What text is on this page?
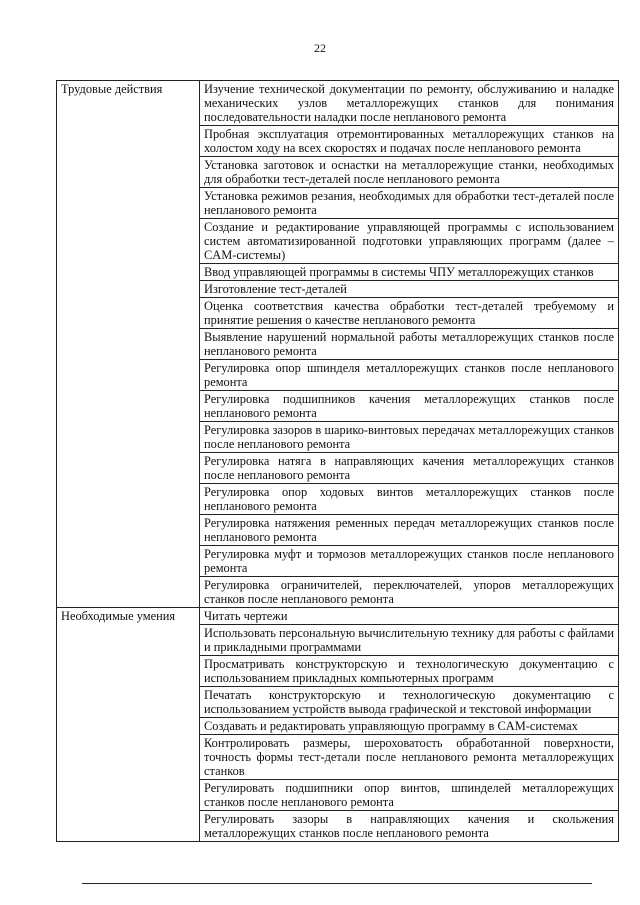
22
Трудовые действия	Изучение технической документации по ремонту, обслуживанию и наладке механических узлов металлорежущих станков для понимания последовательности наладки после непланового ремонта
	Пробная эксплуатация отремонтированных металлорежущих станков на холостом ходу на всех скоростях и подачах после непланового ремонта
	Установка заготовок и оснастки на металлорежущие станки, необходимых для обработки тест-деталей после непланового ремонта
	Установка режимов резания, необходимых для обработки тест-деталей после непланового ремонта
	Создание и редактирование управляющей программы с использованием систем автоматизированной подготовки управляющих программ (далее – CAM-системы)
	Ввод управляющей программы в системы ЧПУ металлорежущих станков
	Изготовление тест-деталей
	Оценка соответствия качества обработки тест-деталей требуемому и принятие решения о качестве непланового ремонта
	Выявление нарушений нормальной работы металлорежущих станков после непланового ремонта
	Регулировка опор шпинделя металлорежущих станков после непланового ремонта
	Регулировка подшипников качения металлорежущих станков после непланового ремонта
	Регулировка зазоров в шарико-винтовых передачах металлорежущих станков после непланового ремонта
	Регулировка натяга в направляющих качения металлорежущих станков после непланового ремонта
	Регулировка опор ходовых винтов металлорежущих станков после непланового ремонта
	Регулировка натяжения ременных передач металлорежущих станков после непланового ремонта
	Регулировка муфт и тормозов металлорежущих станков после непланового ремонта
	Регулировка ограничителей, переключателей, упоров металлорежущих станков после непланового ремонта
Необходимые умения	Читать чертежи
	Использовать персональную вычислительную технику для работы с файлами и прикладными программами
	Просматривать конструкторскую и технологическую документацию с использованием прикладных компьютерных программ
	Печатать конструкторскую и технологическую документацию с использованием устройств вывода графической и текстовой информации
	Создавать и редактировать управляющую программу в CAM-системах
	Контролировать размеры, шероховатость обработанной поверхности, точность формы тест-детали после непланового ремонта металлорежущих станков
	Регулировать подшипники опор винтов, шпинделей металлорежущих станков после непланового ремонта
	Регулировать зазоры в направляющих качения и скольжения металлорежущих станков после непланового ремонта
